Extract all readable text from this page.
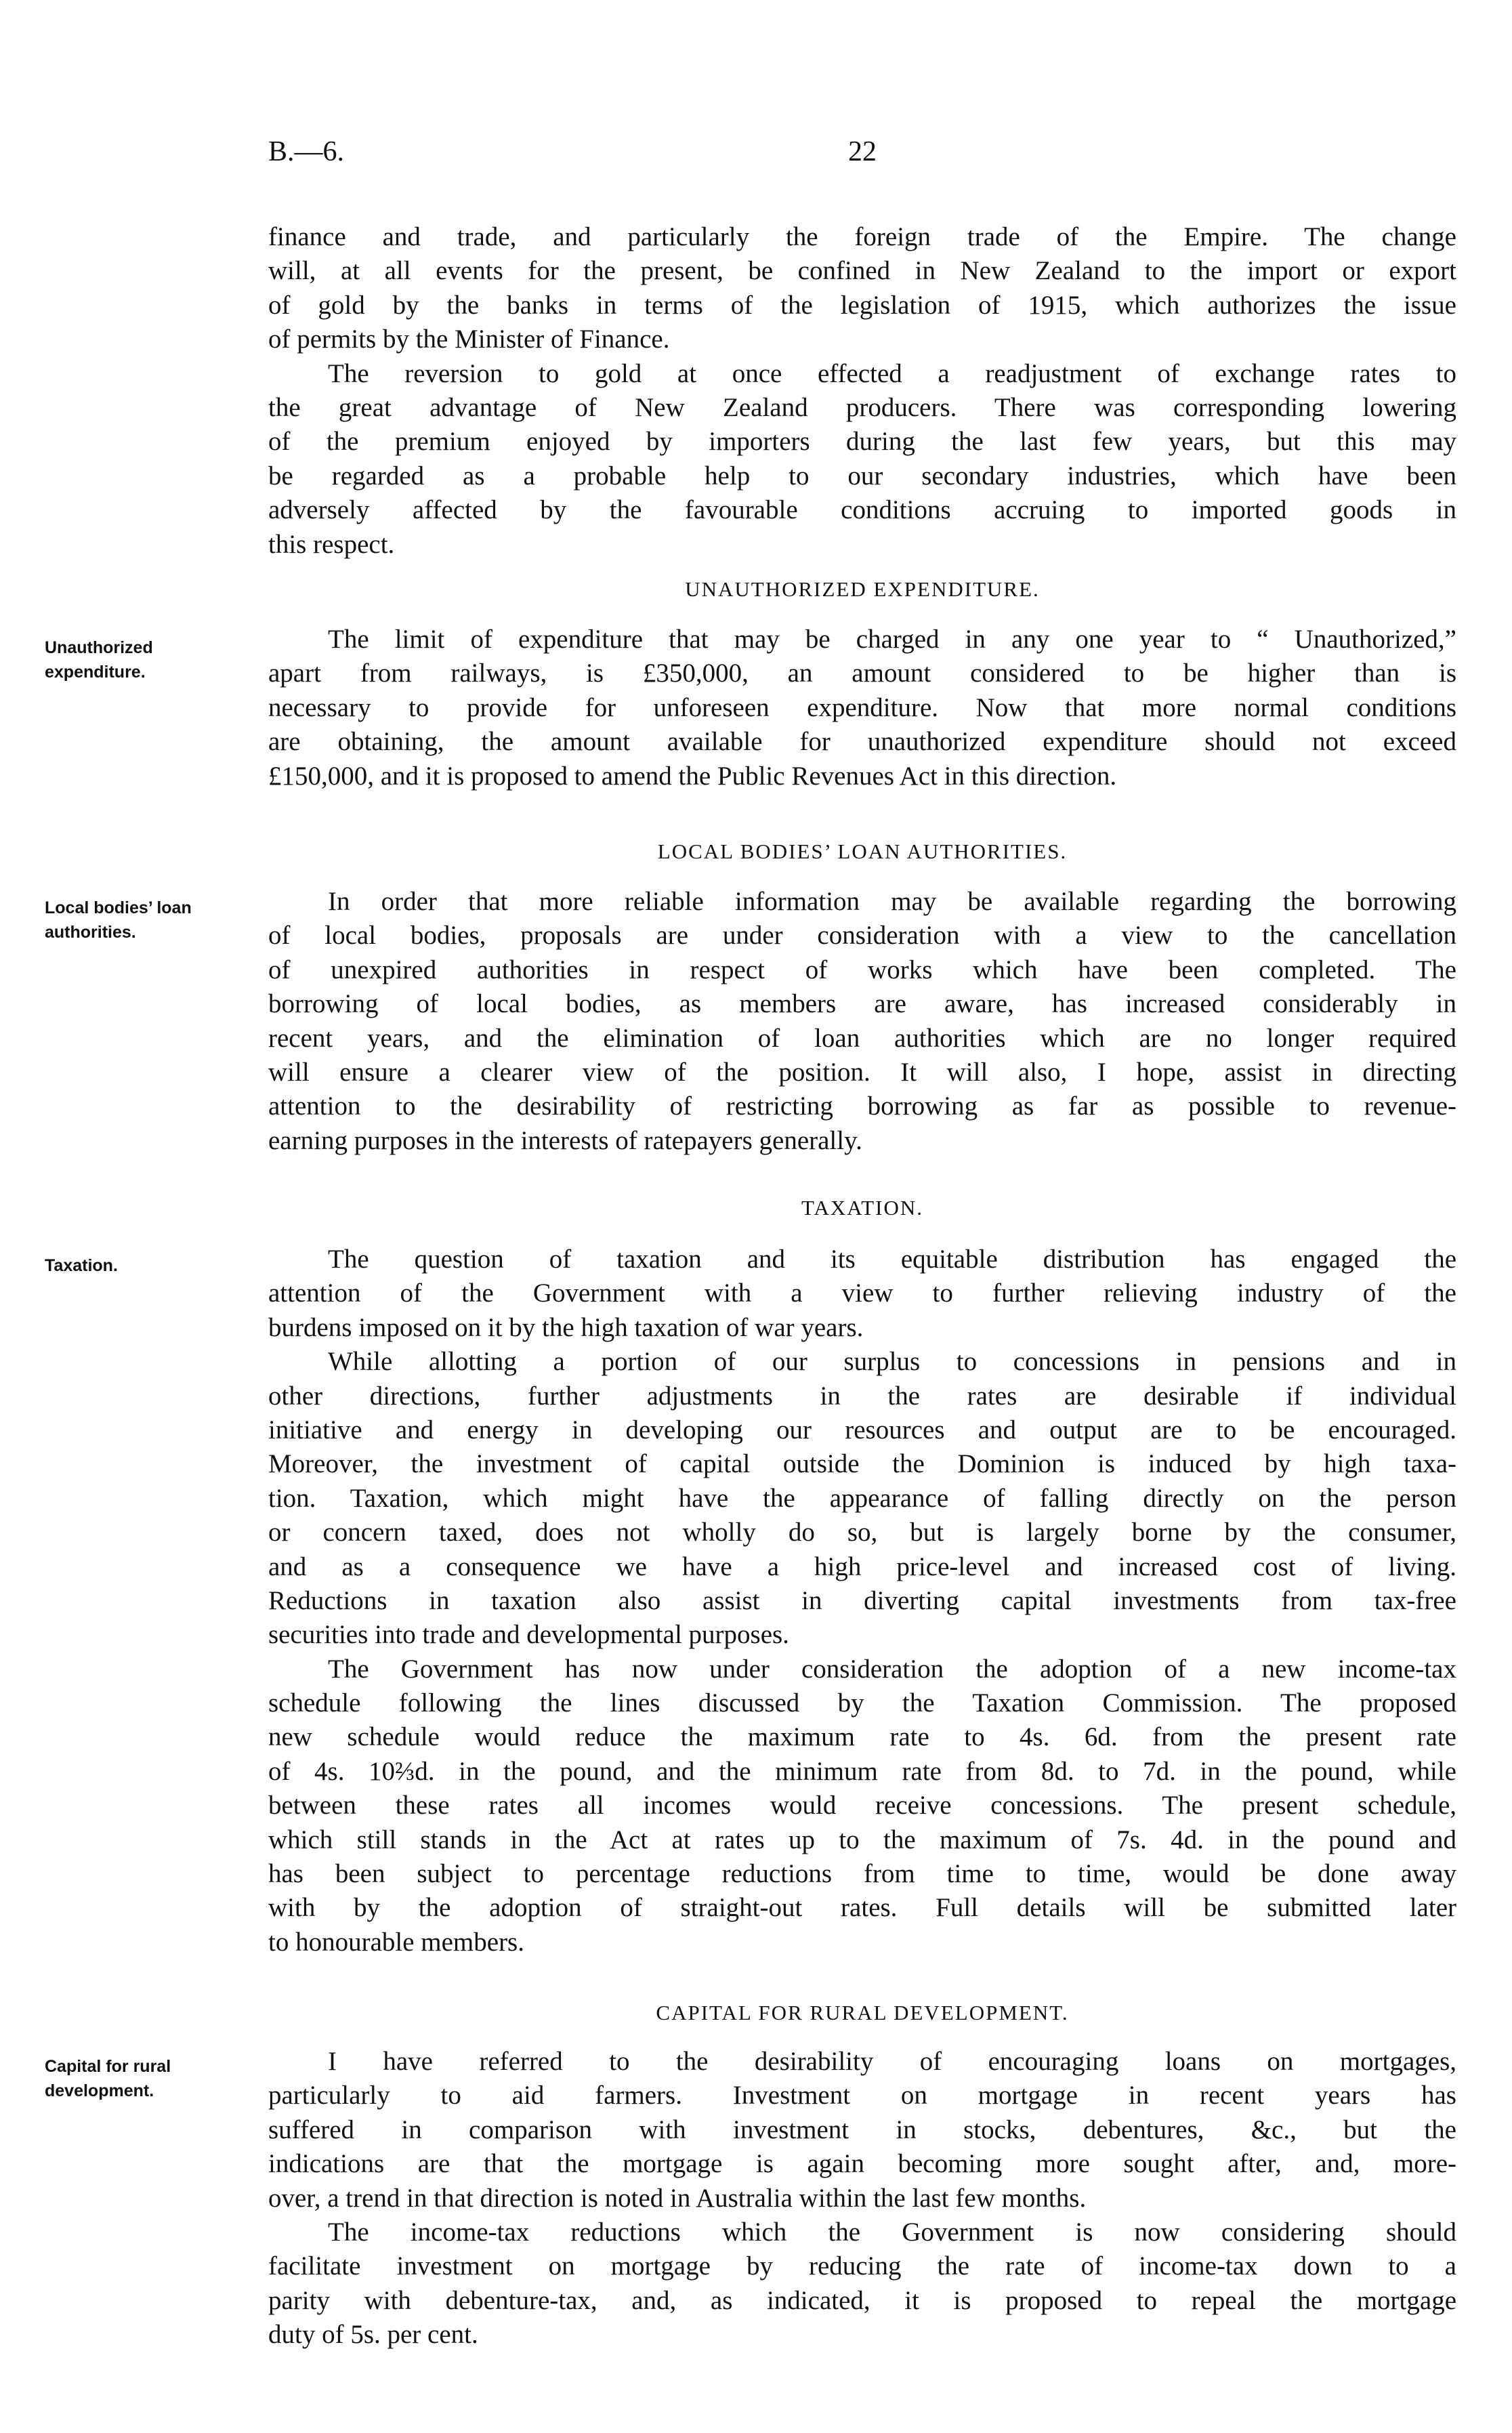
B.—6.	22
finance and trade, and particularly the foreign trade of the Empire. The change
will, at all events for the present, be confined in New Zealand to the import or export
of gold by the banks in terms of the legislation of 1915, which authorizes the issue
of permits by the Minister of Finance.
The reversion to gold at once effected a readjustment of exchange rates to
the great advantage of New Zealand producers. There was corresponding lowering
of the premium enjoyed by importers during the last few years, but this may
be regarded as a probable help to our secondary industries, which have been
adversely affected by the favourable conditions accruing to imported goods in
this respect.
UNAUTHORIZED EXPENDITURE.
Unauthorized
expenditure.
The limit of expenditure that may be charged in any one year to “ Unauthorized,”
apart from railways, is £350,000, an amount considered to be higher than is
necessary to provide for unforeseen expenditure. Now that more normal conditions
are obtaining, the amount available for unauthorized expenditure should not exceed
£150,000, and it is proposed to amend the Public Revenues Act in this direction.
LOCAL BODIES’ LOAN AUTHORITIES.
Local bodies’ loan
authorities.
In order that more reliable information may be available regarding the borrowing
of local bodies, proposals are under consideration with a view to the cancellation
of unexpired authorities in respect of works which have been completed. The
borrowing of local bodies, as members are aware, has increased considerably in
recent years, and the elimination of loan authorities which are no longer required
will ensure a clearer view of the position. It will also, I hope, assist in directing
attention to the desirability of restricting borrowing as far as possible to revenue-
earning purposes in the interests of ratepayers generally.
TAXATION.
Taxation.	The question of taxation and its equitable distribution has engaged the
attention of the Government with a view to further relieving industry of the
burdens imposed on it by the high taxation of war years.
While allotting a portion of our surplus to concessions in pensions and in
other directions, further adjustments in the rates are desirable if individual
initiative and energy in developing our resources and output are to be encouraged.
Moreover, the investment of capital outside the Dominion is induced by high taxa-
tion. Taxation, which might have the appearance of falling directly on the person
or concern taxed, does not wholly do so, but is largely borne by the consumer,
and as a consequence we have a high price-level and increased cost of living.
Reductions in taxation also assist in diverting capital investments from tax-free
securities into trade and developmental purposes.
The Government has now under consideration the adoption of a new income-tax
schedule following the lines discussed by the Taxation Commission. The proposed
new schedule would reduce the maximum rate to 4s. 6d. from the present rate
of 4s. 10⅔d. in the pound, and the minimum rate from 8d. to 7d. in the pound, while
between these rates all incomes would receive concessions. The present schedule,
which still stands in the Act at rates up to the maximum of 7s. 4d. in the pound and
has been subject to percentage reductions from time to time, would be done away
with by the adoption of straight-out rates. Full details will be submitted later
to honourable members.
CAPITAL FOR RURAL DEVELOPMENT.
Capital for rural
development.
I have referred to the desirability of encouraging loans on mortgages,
particularly to aid farmers. Investment on mortgage in recent years has
suffered in comparison with investment in stocks, debentures, &c., but the
indications are that the mortgage is again becoming more sought after, and, more-
over, a trend in that direction is noted in Australia within the last few months.
The income-tax reductions which the Government is now considering should
facilitate investment on mortgage by reducing the rate of income-tax down to a
parity with debenture-tax, and, as indicated, it is proposed to repeal the mortgage
duty of 5s. per cent.
